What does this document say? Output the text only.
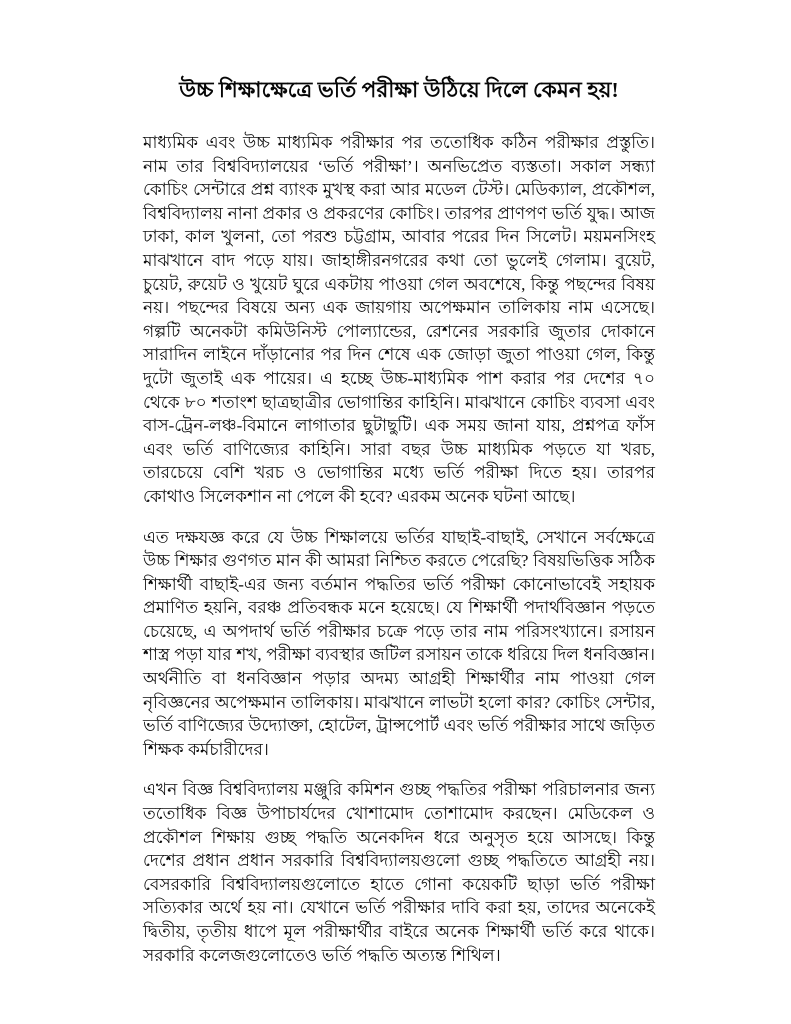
উচ্চ শিক্ষাক্ষেত্রে ভর্তি পরীক্ষা উঠিয়ে দিলে কেমন হয়!

মাধ্যমিক এবং উচ্চ মাধ্যমিক পরীক্ষার পর ততোধিক কঠিন পরীক্ষার প্রস্তুতি। নাম তার বিশ্ববিদ্যালয়ের ‘ভর্তি পরীক্ষা’। অনভিপ্রেত ব্যস্ততা। সকাল সন্ধ্যা কোচিং সেন্টারে প্রশ্ন ব্যাংক মুখস্থ করা আর মডেল টেস্ট। মেডিক্যাল, প্রকৌশল, বিশ্ববিদ্যালয় নানা প্রকার ও প্রকরণের কোচিং। তারপর প্রাণপণ ভর্তি যুদ্ধ। আজ ঢাকা, কাল খুলনা, তো পরশু চট্টগ্রাম, আবার পরের দিন সিলেট। ময়মনসিংহ মাঝখানে বাদ পড়ে যায়। জাহাঙ্গীরনগরের কথা তো ভুলেই গেলাম। বুয়েট, চুয়েট, রুয়েট ও খুয়েট ঘুরে একটায় পাওয়া গেল অবশেষে, কিন্তু পছন্দের বিষয় নয়। পছন্দের বিষয়ে অন্য এক জায়গায় অপেক্ষমান তালিকায় নাম এসেছে। গল্পটি অনেকটা কমিউনিস্ট পোল্যান্ডের, রেশনের সরকারি জুতার দোকানে সারাদিন লাইনে দাঁড়ানোর পর দিন শেষে এক জোড়া জুতা পাওয়া গেল, কিন্তু দুটো জুতাই এক পায়ের। এ হচ্ছে উচ্চ-মাধ্যমিক পাশ করার পর দেশের ৭০ থেকে ৮০ শতাংশ ছাত্রছাত্রীর ভোগান্তির কাহিনি। মাঝখানে কোচিং ব্যবসা এবং বাস-ট্রেন-লঞ্চ-বিমানে লাগাতার ছুটাছুটি। এক সময় জানা যায়, প্রশ্নপত্র ফাঁস এবং ভর্তি বাণিজ্যের কাহিনি। সারা বছর উচ্চ মাধ্যমিক পড়তে যা খরচ, তারচেয়ে বেশি খরচ ও ভোগান্তির মধ্যে ভর্তি পরীক্ষা দিতে হয়। তারপর কোথাও সিলেকশান না পেলে কী হবে? এরকম অনেক ঘটনা আছে।

এত দক্ষযজ্ঞ করে যে উচ্চ শিক্ষালয়ে ভর্তির যাছাই-বাছাই, সেখানে সর্বক্ষেত্রে উচ্চ শিক্ষার গুণগত মান কী আমরা নিশ্চিত করতে পেরেছি? বিষয়ভিত্তিক সঠিক শিক্ষার্থী বাছাই-এর জন্য বর্তমান পদ্ধতির ভর্তি পরীক্ষা কোনোভাবেই সহায়ক প্রমাণিত হয়নি, বরঞ্চ প্রতিবন্ধক মনে হয়েছে। যে শিক্ষার্থী পদার্থবিজ্ঞান পড়তে চেয়েছে, এ অপদার্থ ভর্তি পরীক্ষার চক্রে পড়ে তার নাম পরিসংখ্যানে। রসায়ন শাস্ত্র পড়া যার শখ, পরীক্ষা ব্যবস্থার জটিল রসায়ন তাকে ধরিয়ে দিল ধনবিজ্ঞান। অর্থনীতি বা ধনবিজ্ঞান পড়ার অদম্য আগ্রহী শিক্ষার্থীর নাম পাওয়া গেল নৃবিজ্ঞনের অপেক্ষমান তালিকায়। মাঝখানে লাভটা হলো কার? কোচিং সেন্টার, ভর্তি বাণিজ্যের উদ্যোক্তা, হোটেল, ট্রান্সপোর্ট এবং ভর্তি পরীক্ষার সাথে জড়িত শিক্ষক কর্মচারীদের।

এখন বিজ্ঞ বিশ্ববিদ্যালয় মঞ্জুরি কমিশন গুচ্ছ পদ্ধতির পরীক্ষা পরিচালনার জন্য ততোধিক বিজ্ঞ উপাচার্যদের খোশামোদ তোশামোদ করছেন। মেডিকেল ও প্রকৌশল শিক্ষায় গুচ্ছ পদ্ধতি অনেকদিন ধরে অনুসৃত হয়ে আসছে। কিন্তু দেশের প্রধান প্রধান সরকারি বিশ্ববিদ্যালয়গুলো গুচ্ছ পদ্ধতিতে আগ্রহী নয়। বেসরকারি বিশ্ববিদ্যালয়গুলোতে হাতে গোনা কয়েকটি ছাড়া ভর্তি পরীক্ষা সত্যিকার অর্থে হয় না। যেখানে ভর্তি পরীক্ষার দাবি করা হয়, তাদের অনেকেই দ্বিতীয়, তৃতীয় ধাপে মূল পরীক্ষার্থীর বাইরে অনেক শিক্ষার্থী ভর্তি করে থাকে। সরকারি কলেজগুলোতেও ভর্তি পদ্ধতি অত্যন্ত শিথিল।
